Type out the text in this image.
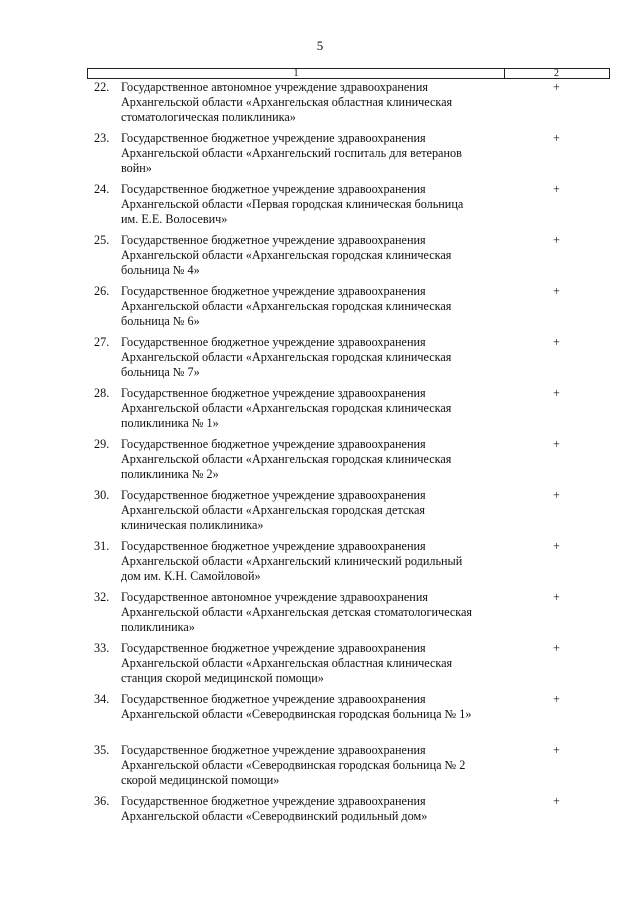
5
1	2
22. Государственное автономное учреждение здравоохранения
Архангельской области «Архангельская областная клиническая
стоматологическая поликлиника»
+
23. Государственное бюджетное учреждение здравоохранения
Архангельской области «Архангельский госпиталь для ветеранов
войн»
+
24. Государственное бюджетное учреждение здравоохранения
Архангельской области «Первая городская клиническая больница
им. Е.Е. Волосевич»
+
25. Государственное бюджетное учреждение здравоохранения
Архангельской области «Архангельская городская клиническая
больница № 4»
+
26. Государственное бюджетное учреждение здравоохранения
Архангельской области «Архангельская городская клиническая
больница № 6»
+
27. Государственное бюджетное учреждение здравоохранения
Архангельской области «Архангельская городская клиническая
больница № 7»
+
28. Государственное бюджетное учреждение здравоохранения
Архангельской области «Архангельская городская клиническая
поликлиника № 1»
+
29. Государственное бюджетное учреждение здравоохранения
Архангельской области «Архангельская городская клиническая
поликлиника № 2»
+
30. Государственное бюджетное учреждение здравоохранения
Архангельской области «Архангельская городская детская
клиническая поликлиника»
+
31. Государственное бюджетное учреждение здравоохранения
Архангельской области «Архангельский клинический родильный
дом им. К.Н. Самойловой»
+
32. Государственное автономное учреждение здравоохранения
Архангельской области «Архангельская детская стоматологическая
поликлиника»
+
33. Государственное бюджетное учреждение здравоохранения
Архангельской области «Архангельская областная клиническая
станция скорой медицинской помощи»
+
34. Государственное бюджетное учреждение здравоохранения
Архангельской области «Северодвинская городская больница № 1»
+
35. Государственное бюджетное учреждение здравоохранения
Архангельской области «Северодвинская городская больница № 2
скорой медицинской помощи»
+
36. Государственное бюджетное учреждение здравоохранения
Архангельской области «Северодвинский родильный дом»
+
